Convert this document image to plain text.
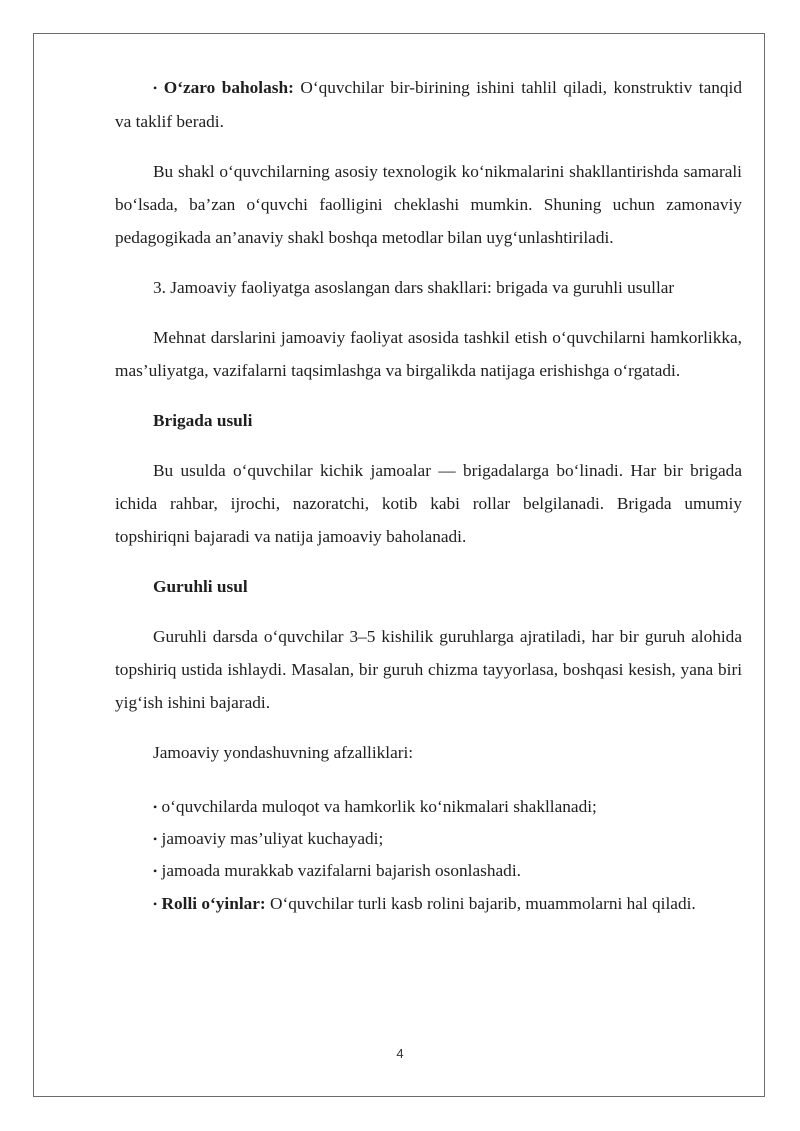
• O‘zaro baholash: O‘quvchilar bir-birining ishini tahlil qiladi, konstruktiv tanqid va taklif beradi.

Bu shakl o‘quvchilarning asosiy texnologik ko‘nikmalarini shakllantirishda samarali bo‘lsada, ba’zan o‘quvchi faolligini cheklashi mumkin. Shuning uchun zamonaviy pedagogikada an’anaviy shakl boshqa metodlar bilan uyg‘unlashtiriladi.

3. Jamoaviy faoliyatga asoslangan dars shakllari: brigada va guruhli usullar

Mehnat darslarini jamoaviy faoliyat asosida tashkil etish o‘quvchilarni hamkorlikka, mas’uliyatga, vazifalarni taqsimlashga va birgalikda natijaga erishishga o‘rgatadi.

Brigada usuli

Bu usulda o‘quvchilar kichik jamoalar — brigadalarga bo‘linadi. Har bir brigada ichida rahbar, ijrochi, nazoratchi, kotib kabi rollar belgilanadi. Brigada umumiy topshiriqni bajaradi va natija jamoaviy baholanadi.

Guruhli usul

Guruhli darsda o‘quvchilar 3–5 kishilik guruhlarga ajratiladi, har bir guruh alohida topshiriq ustida ishlaydi. Masalan, bir guruh chizma tayyorlasa, boshqasi kesish, yana biri yig‘ish ishini bajaradi.

Jamoaviy yondashuvning afzalliklari:

• o‘quvchilarda muloqot va hamkorlik ko‘nikmalari shakllanadi;

• jamoaviy mas’uliyat kuchayadi;

• jamoada murakkab vazifalarni bajarish osonlashadi.

• Rolli o‘yinlar: O‘quvchilar turli kasb rolini bajarib, muammolarni hal qiladi.

4
